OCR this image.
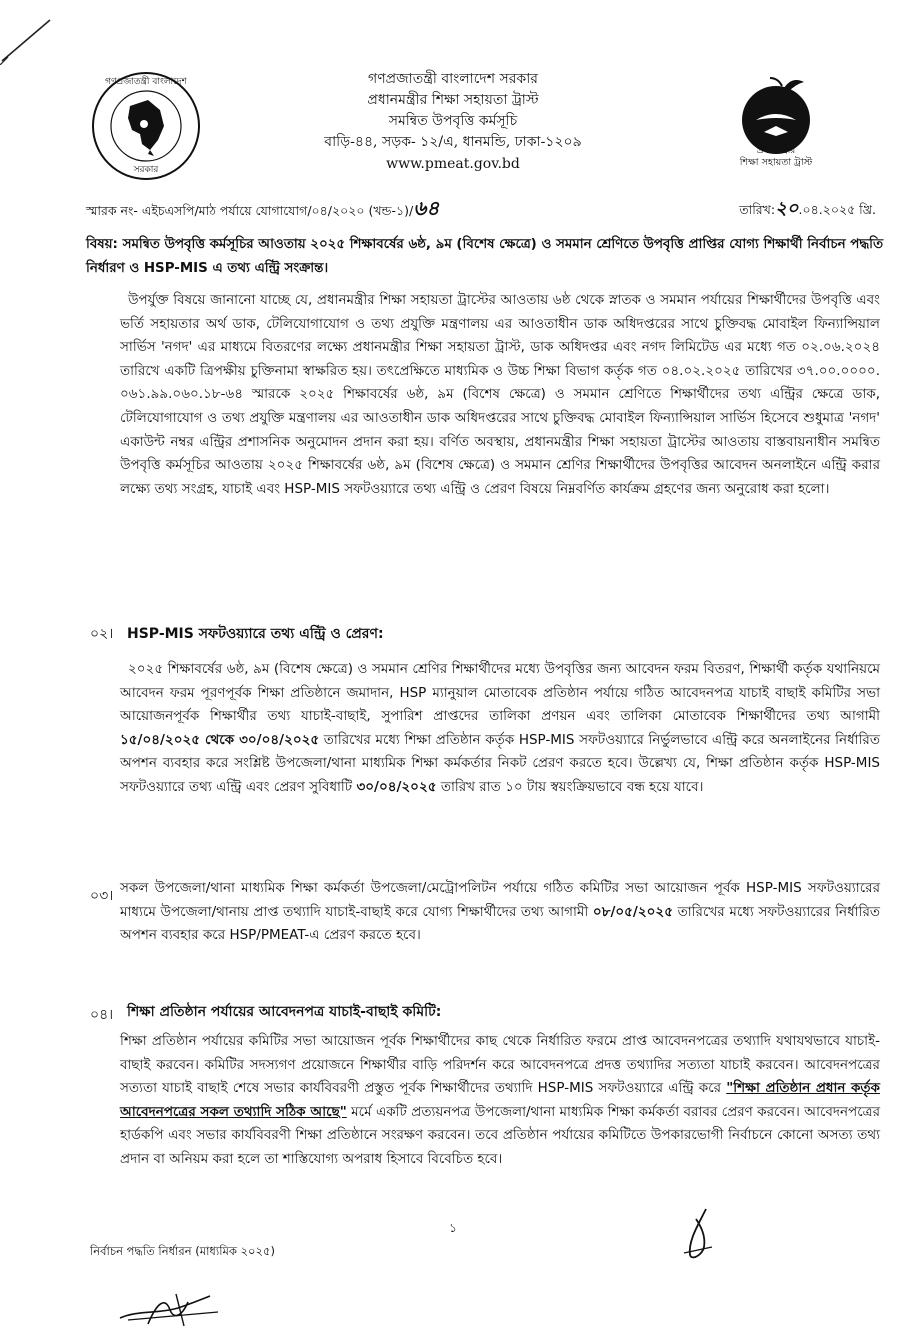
গণপ্রজাতন্ত্রী বাংলাদেশ
সরকার
গণপ্রজাতন্ত্রী বাংলাদেশ সরকার
প্রধানমন্ত্রীর শিক্ষা সহায়তা ট্রাস্ট
সমন্বিত উপবৃত্তি কর্মসূচি
বাড়ি-৪৪, সড়ক- ১২/এ, ধানমন্ডি, ঢাকা-১২০৯
www.pmeat.gov.bd
প্রধানমন্ত্রীর
শিক্ষা সহায়তা ট্রাস্ট
স্মারক নং- এইচএসপি/মাঠ পর্যায়ে যোগাযোগ/০৪/২০২০ (খন্ড-১)/৬৪	তারিখ:২০.০৪.২০২৫ খ্রি.
বিষয়: সমন্বিত উপবৃত্তি কর্মসূচির আওতায় ২০২৫ শিক্ষাবর্ষের ৬ষ্ঠ, ৯ম (বিশেষ ক্ষেত্রে) ও সমমান শ্রেণিতে উপবৃত্তি প্রাপ্তির যোগ্য শিক্ষার্থী নির্বাচন পদ্ধতি নির্ধারণ ও HSP-MIS এ তথ্য এন্ট্রি সংক্রান্ত।
উপর্যুক্ত বিষয়ে জানানো যাচ্ছে যে, প্রধানমন্ত্রীর শিক্ষা সহায়তা ট্রাস্টের আওতায় ৬ষ্ঠ থেকে স্নাতক ও সমমান পর্যায়ের শিক্ষার্থীদের উপবৃত্তি এবং ভর্তি সহায়তার অর্থ ডাক, টেলিযোগাযোগ ও তথ্য প্রযুক্তি মন্ত্রণালয় এর আওতাধীন ডাক অধিদপ্তরের সাথে চুক্তিবদ্ধ মোবাইল ফিন্যান্সিয়াল সার্ভিস 'নগদ' এর মাধ্যমে বিতরণের লক্ষ্যে প্রধানমন্ত্রীর শিক্ষা সহায়তা ট্রাস্ট, ডাক অধিদপ্তর এবং নগদ লিমিটেড এর মধ্যে গত ০২.০৬.২০২৪ তারিখে একটি ত্রিপক্ষীয় চুক্তিনামা স্বাক্ষরিত হয়। তৎপ্রেক্ষিতে মাধ্যমিক ও উচ্চ শিক্ষা বিভাগ কর্তৃক গত ০৪.০২.২০২৫ তারিখের ৩৭.০০.০০০০. ০৬১.৯৯.০৬০.১৮-৬৪ স্মারকে ২০২৫ শিক্ষাবর্ষের ৬ষ্ঠ, ৯ম (বিশেষ ক্ষেত্রে) ও সমমান শ্রেণিতে শিক্ষার্থীদের তথ্য এন্ট্রির ক্ষেত্রে ডাক, টেলিযোগাযোগ ও তথ্য প্রযুক্তি মন্ত্রণালয় এর আওতাধীন ডাক অধিদপ্তরের সাথে চুক্তিবদ্ধ মোবাইল ফিন্যান্সিয়াল সার্ভিস হিসেবে শুধুমাত্র 'নগদ' একাউন্ট নম্বর এন্ট্রির প্রশাসনিক অনুমোদন প্রদান করা হয়। বর্ণিত অবস্থায়, প্রধানমন্ত্রীর শিক্ষা সহায়তা ট্রাস্টের আওতায় বাস্তবায়নাধীন সমন্বিত উপবৃত্তি কর্মসূচির আওতায় ২০২৫ শিক্ষাবর্ষের ৬ষ্ঠ, ৯ম (বিশেষ ক্ষেত্রে) ও সমমান শ্রেণির শিক্ষার্থীদের উপবৃত্তির আবেদন অনলাইনে এন্ট্রি করার লক্ষ্যে তথ্য সংগ্রহ, যাচাই এবং HSP-MIS সফটওয়্যারে তথ্য এন্ট্রি ও প্রেরণ বিষয়ে নিম্নবর্ণিত কার্যক্রম গ্রহণের জন্য অনুরোধ করা হলো।
০২। HSP-MIS সফটওয়্যারে তথ্য এন্ট্রি ও প্রেরণ:
২০২৫ শিক্ষাবর্ষের ৬ষ্ঠ, ৯ম (বিশেষ ক্ষেত্রে) ও সমমান শ্রেণির শিক্ষার্থীদের মধ্যে উপবৃত্তির জন্য আবেদন ফরম বিতরণ, শিক্ষার্থী কর্তৃক যথানিয়মে আবেদন ফরম পূরণপূর্বক শিক্ষা প্রতিষ্ঠানে জমাদান, HSP ম্যানুয়াল মোতাবেক প্রতিষ্ঠান পর্যায়ে গঠিত আবেদনপত্র যাচাই বাছাই কমিটির সভা আয়োজনপূর্বক শিক্ষার্থীর তথ্য যাচাই-বাছাই, সুপারিশ প্রাপ্তদের তালিকা প্রণয়ন এবং তালিকা মোতাবেক শিক্ষার্থীদের তথ্য আগামী ১৫/০৪/২০২৫ থেকে ৩০/০৪/২০২৫ তারিখের মধ্যে শিক্ষা প্রতিষ্ঠান কর্তৃক HSP-MIS সফটওয়্যারে নির্ভুলভাবে এন্ট্রি করে অনলাইনের নির্ধারিত অপশন ব্যবহার করে সংশ্লিষ্ট উপজেলা/থানা মাধ্যমিক শিক্ষা কর্মকর্তার নিকট প্রেরণ করতে হবে। উল্লেখ্য যে, শিক্ষা প্রতিষ্ঠান কর্তৃক HSP-MIS সফটওয়্যারে তথ্য এন্ট্রি এবং প্রেরণ সুবিধাটি ৩০/০৪/২০২৫ তারিখ রাত ১০ টায় স্বয়ংক্রিয়ভাবে বন্ধ হয়ে যাবে।
০৩। সকল উপজেলা/থানা মাধ্যমিক শিক্ষা কর্মকর্তা উপজেলা/মেট্রোপলিটন পর্যায়ে গঠিত কমিটির সভা আয়োজন পূর্বক HSP-MIS সফটওয়্যারের মাধ্যমে উপজেলা/থানায় প্রাপ্ত তথ্যাদি যাচাই-বাছাই করে যোগ্য শিক্ষার্থীদের তথ্য আগামী ০৮/০৫/২০২৫ তারিখের মধ্যে সফটওয়্যারের নির্ধারিত অপশন ব্যবহার করে HSP/PMEAT-এ প্রেরণ করতে হবে।
০৪। শিক্ষা প্রতিষ্ঠান পর্যায়ের আবেদনপত্র যাচাই-বাছাই কমিটি:
শিক্ষা প্রতিষ্ঠান পর্যায়ের কমিটির সভা আয়োজন পূর্বক শিক্ষার্থীদের কাছ থেকে নির্ধারিত ফরমে প্রাপ্ত আবেদনপত্রের তথ্যাদি যথাযথভাবে যাচাই-বাছাই করবেন। কমিটির সদস্যগণ প্রয়োজনে শিক্ষার্থীর বাড়ি পরিদর্শন করে আবেদনপত্রে প্রদত্ত তথ্যাদির সত্যতা যাচাই করবেন। আবেদনপত্রের সত্যতা যাচাই বাছাই শেষে সভার কার্যবিবরণী প্রস্তুত পূর্বক শিক্ষার্থীদের তথ্যাদি HSP-MIS সফটওয়্যারে এন্ট্রি করে "শিক্ষা প্রতিষ্ঠান প্রধান কর্তৃক আবেদনপত্রের সকল তথ্যাদি সঠিক আছে" মর্মে একটি প্রত্যয়নপত্র উপজেলা/থানা মাধ্যমিক শিক্ষা কর্মকর্তা বরাবর প্রেরণ করবেন। আবেদনপত্রের হার্ডকপি এবং সভার কার্যবিবরণী শিক্ষা প্রতিষ্ঠানে সংরক্ষণ করবেন। তবে প্রতিষ্ঠান পর্যায়ের কমিটিতে উপকারভোগী নির্বাচনে কোনো অসত্য তথ্য প্রদান বা অনিয়ম করা হলে তা শাস্তিযোগ্য অপরাধ হিসাবে বিবেচিত হবে।
১
নির্বাচন পদ্ধতি নির্ধারন (মাধ্যমিক ২০২৫)
